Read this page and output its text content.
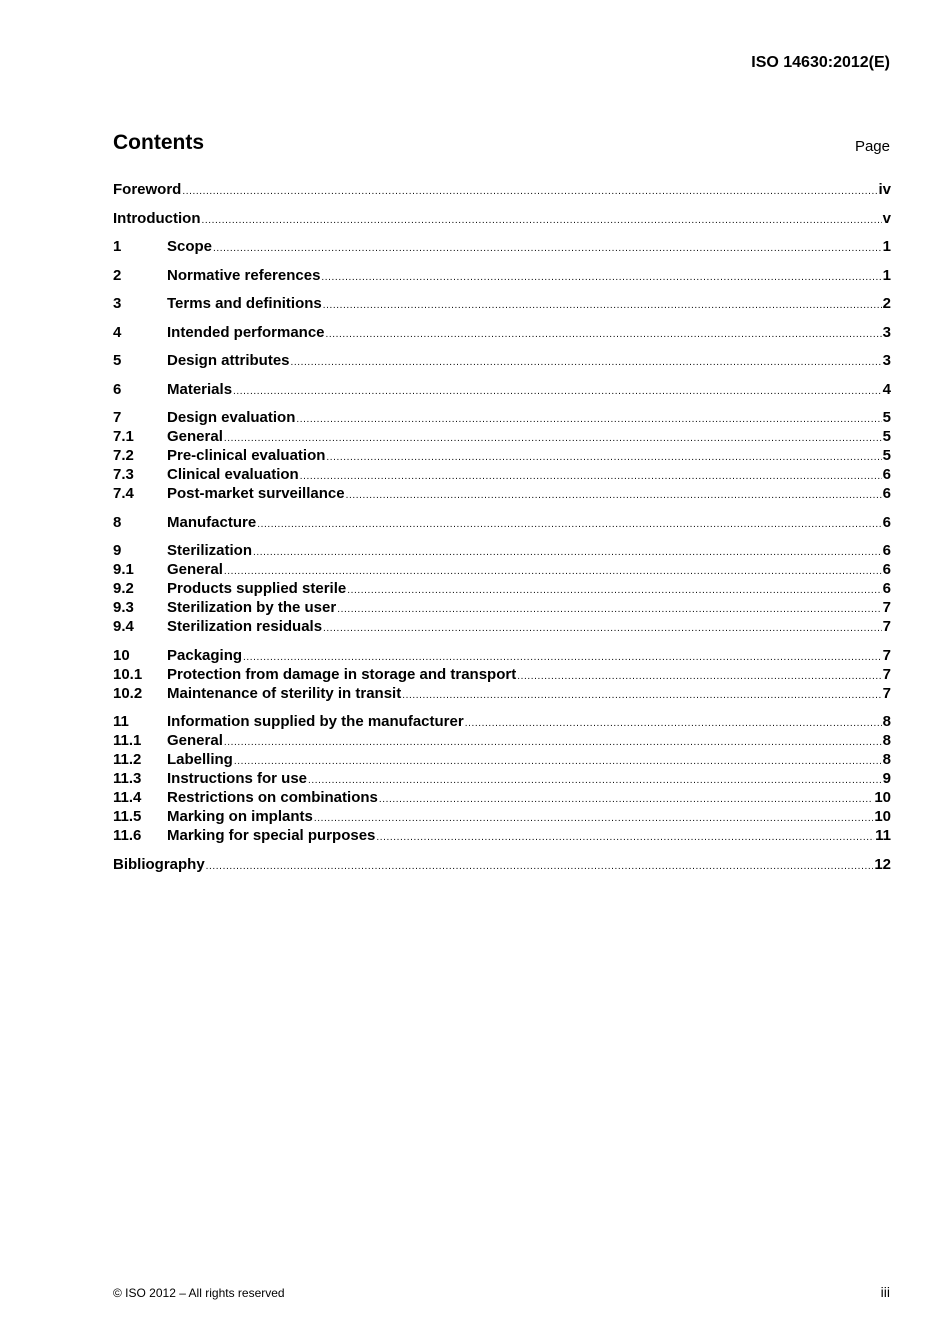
ISO 14630:2012(E)
Contents	Page
Foreword .....	iv
Introduction .....	v
1	Scope .....	1
2	Normative references .....	1
3	Terms and definitions .....	2
4	Intended performance .....	3
5	Design attributes .....	3
6	Materials .....	4
7	Design evaluation .....	5
7.1	General .....	5
7.2	Pre-clinical evaluation .....	5
7.3	Clinical evaluation .....	6
7.4	Post-market surveillance .....	6
8	Manufacture .....	6
9	Sterilization .....	6
9.1	General .....	6
9.2	Products supplied sterile .....	6
9.3	Sterilization by the user .....	7
9.4	Sterilization residuals .....	7
10	Packaging .....	7
10.1	Protection from damage in storage and transport .....	7
10.2	Maintenance of sterility in transit .....	7
11	Information supplied by the manufacturer .....	8
11.1	General .....	8
11.2	Labelling .....	8
11.3	Instructions for use .....	9
11.4	Restrictions on combinations .....	10
11.5	Marking on implants .....	10
11.6	Marking for special purposes .....	11
Bibliography .....	12
© ISO 2012 – All rights reserved	iii
